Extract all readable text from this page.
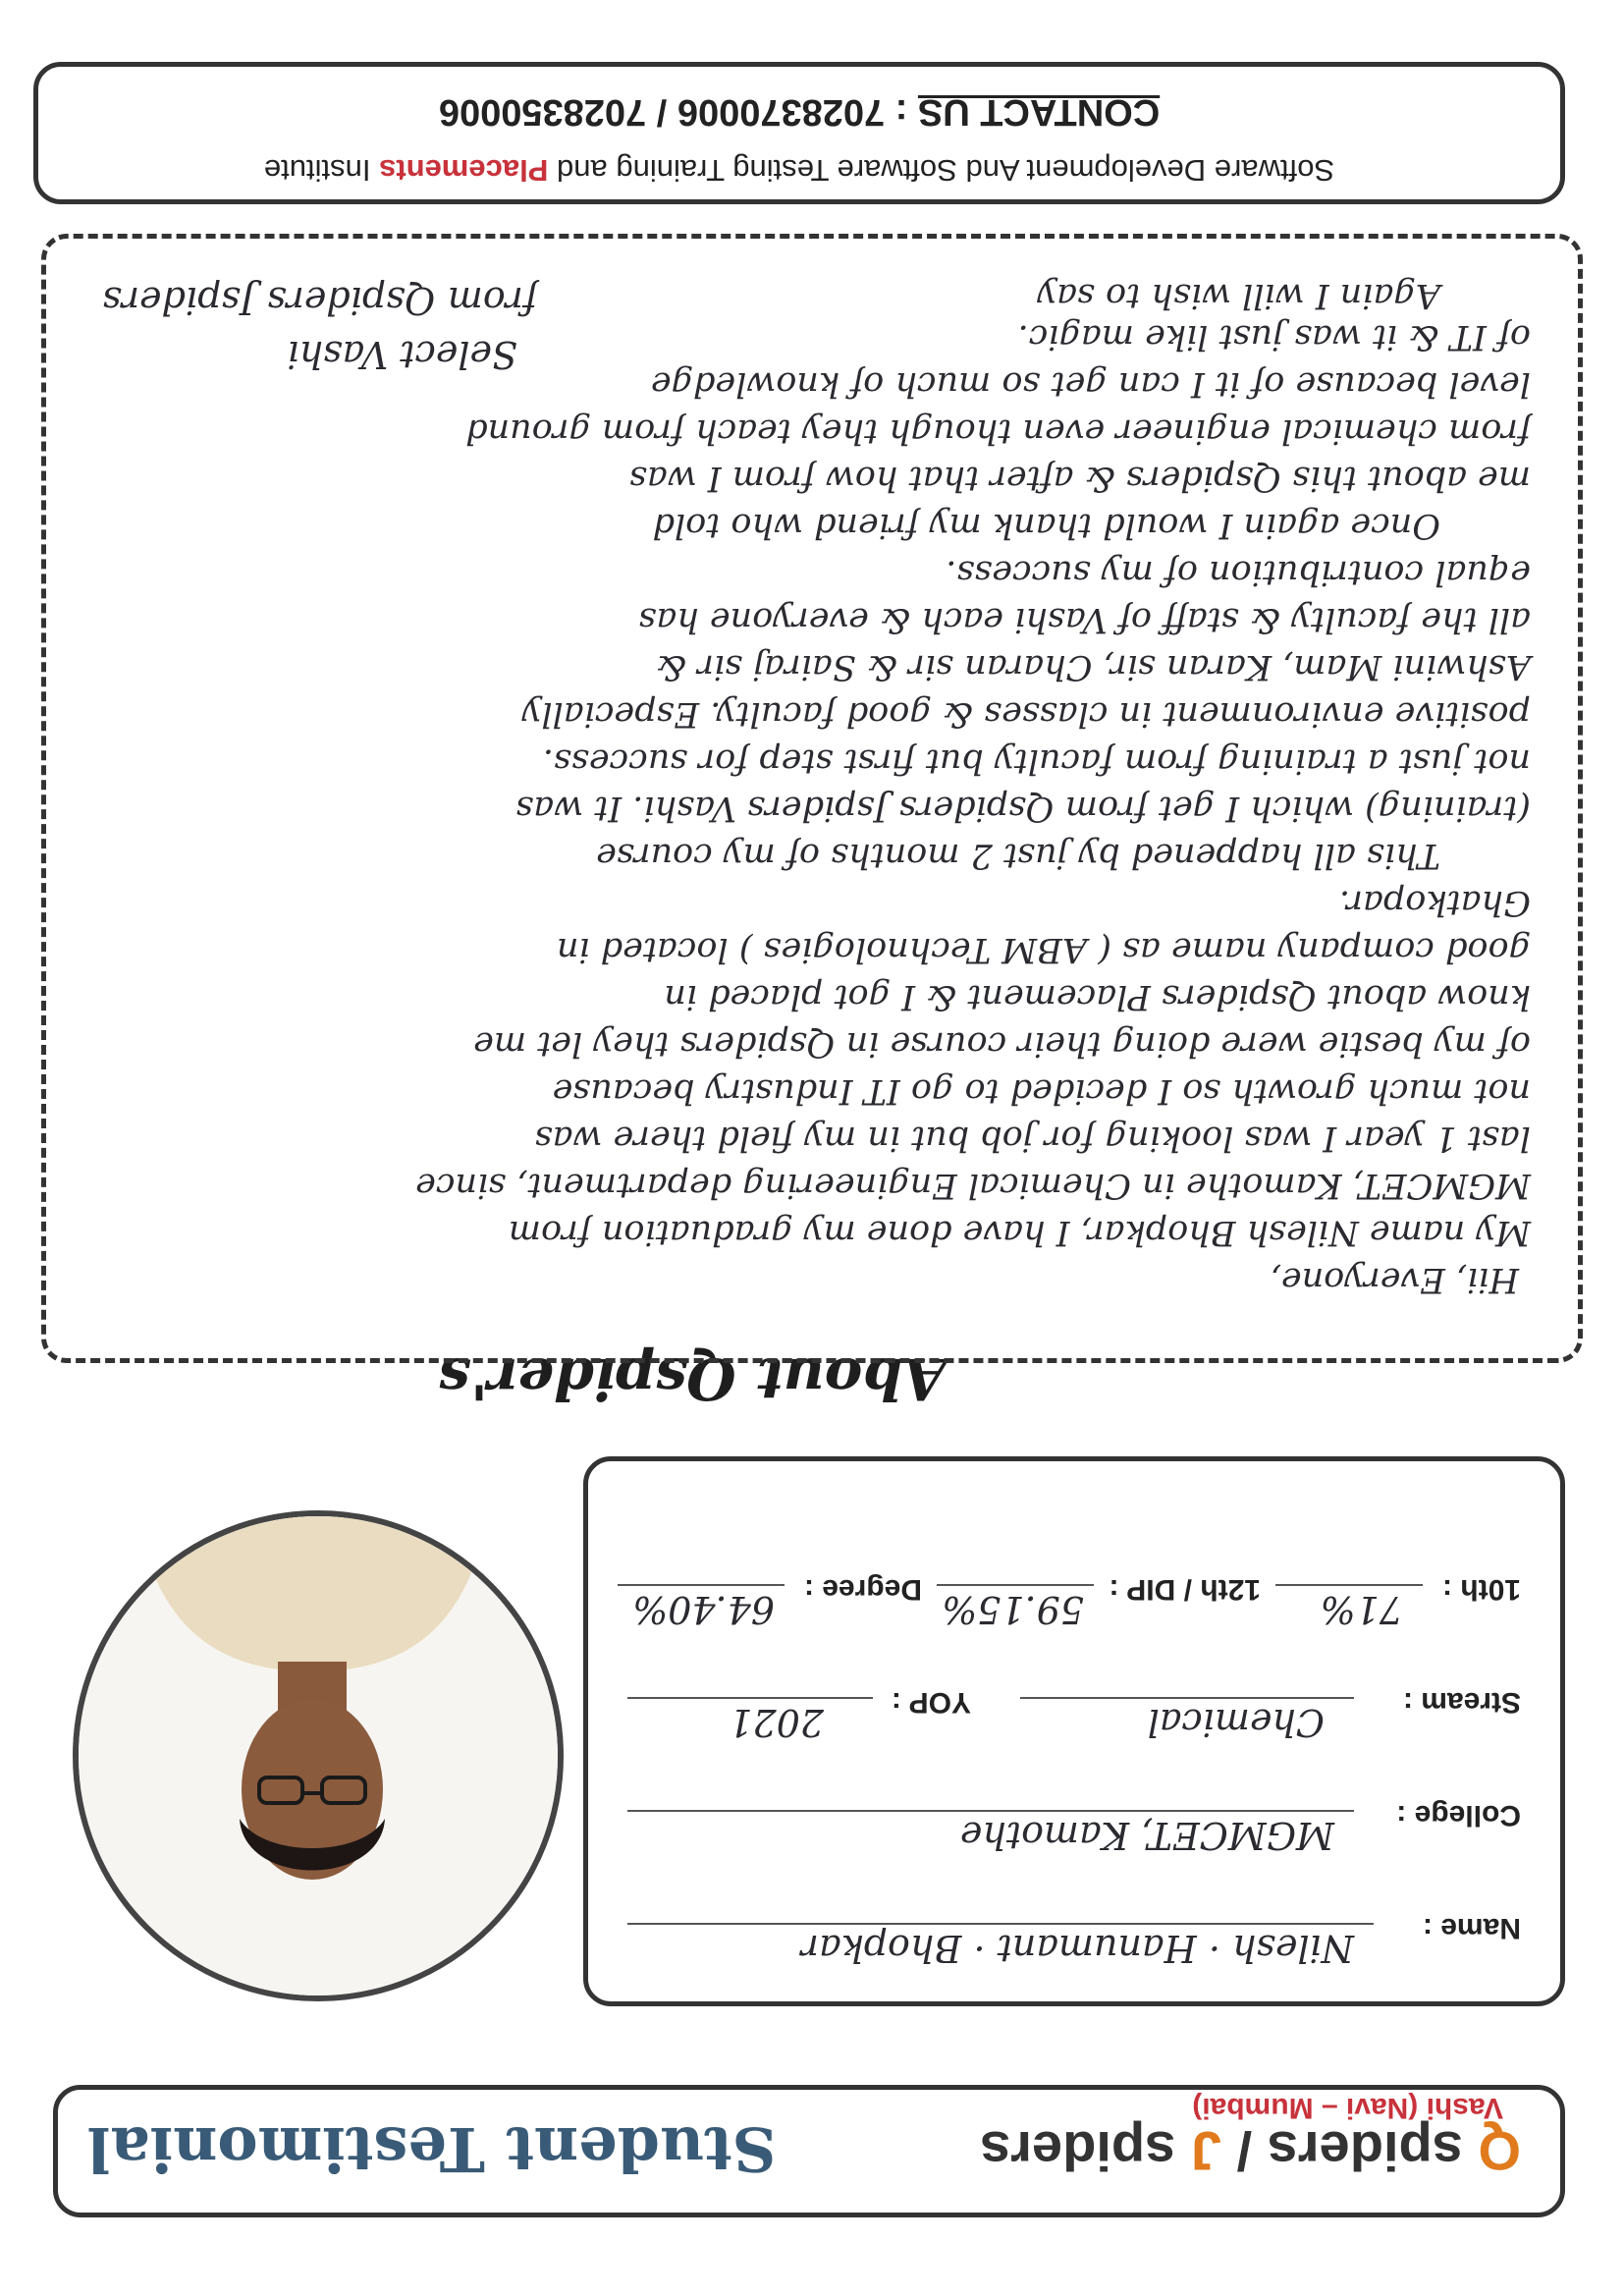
Q spiders / J spiders
Vashi (Navi – Mumbai)
Student Testimonial
Name :
Nilesh · Hanumant · Bhopkar
College :
MGMCET, Kamothe
Stream :
Chemical
YOP :
2021
10th :
71%
12th / DIP :
59.15%
Degree :
64.40%
About Qspider's
Hii, Everyone,
My name Nilesh Bhopkar, I have done my graduation from
MGMCET, Kamothe in Chemical Engineering department, since
last 1 year I was looking for job but in my field there was
not much growth so I decided to go IT Industry because
of my bestie were doing their course in Qspiders they let me
know about Qspiders Placement & I got placed in
good company name as ( ABM Technologies ) located in
Ghatkopar.
This all happened by just 2 months of my course
(training) which I get from Qspiders Jspiders Vashi. It was
not just a training from faculty but first step for success.
positive environment in classes & good faculty. Especially
Ashwini Mam, Karan sir, Charan sir & Sairaj sir &
all the faculty & staff of Vashi each & everyone has
equal contribution of my success.
Once again I would thank my friend who told
me about this Qspiders & after that how from I was
from chemical engineer even though they teach from ground
level because of it I can get so much of knowledge
of IT & it was just like magic.
Again I will wish to say
Select Vashi
from Qspiders Jspiders
Software Development And Software Testing Training and Placements Institute
CONTACT US : 7028370006 / 7028350006
